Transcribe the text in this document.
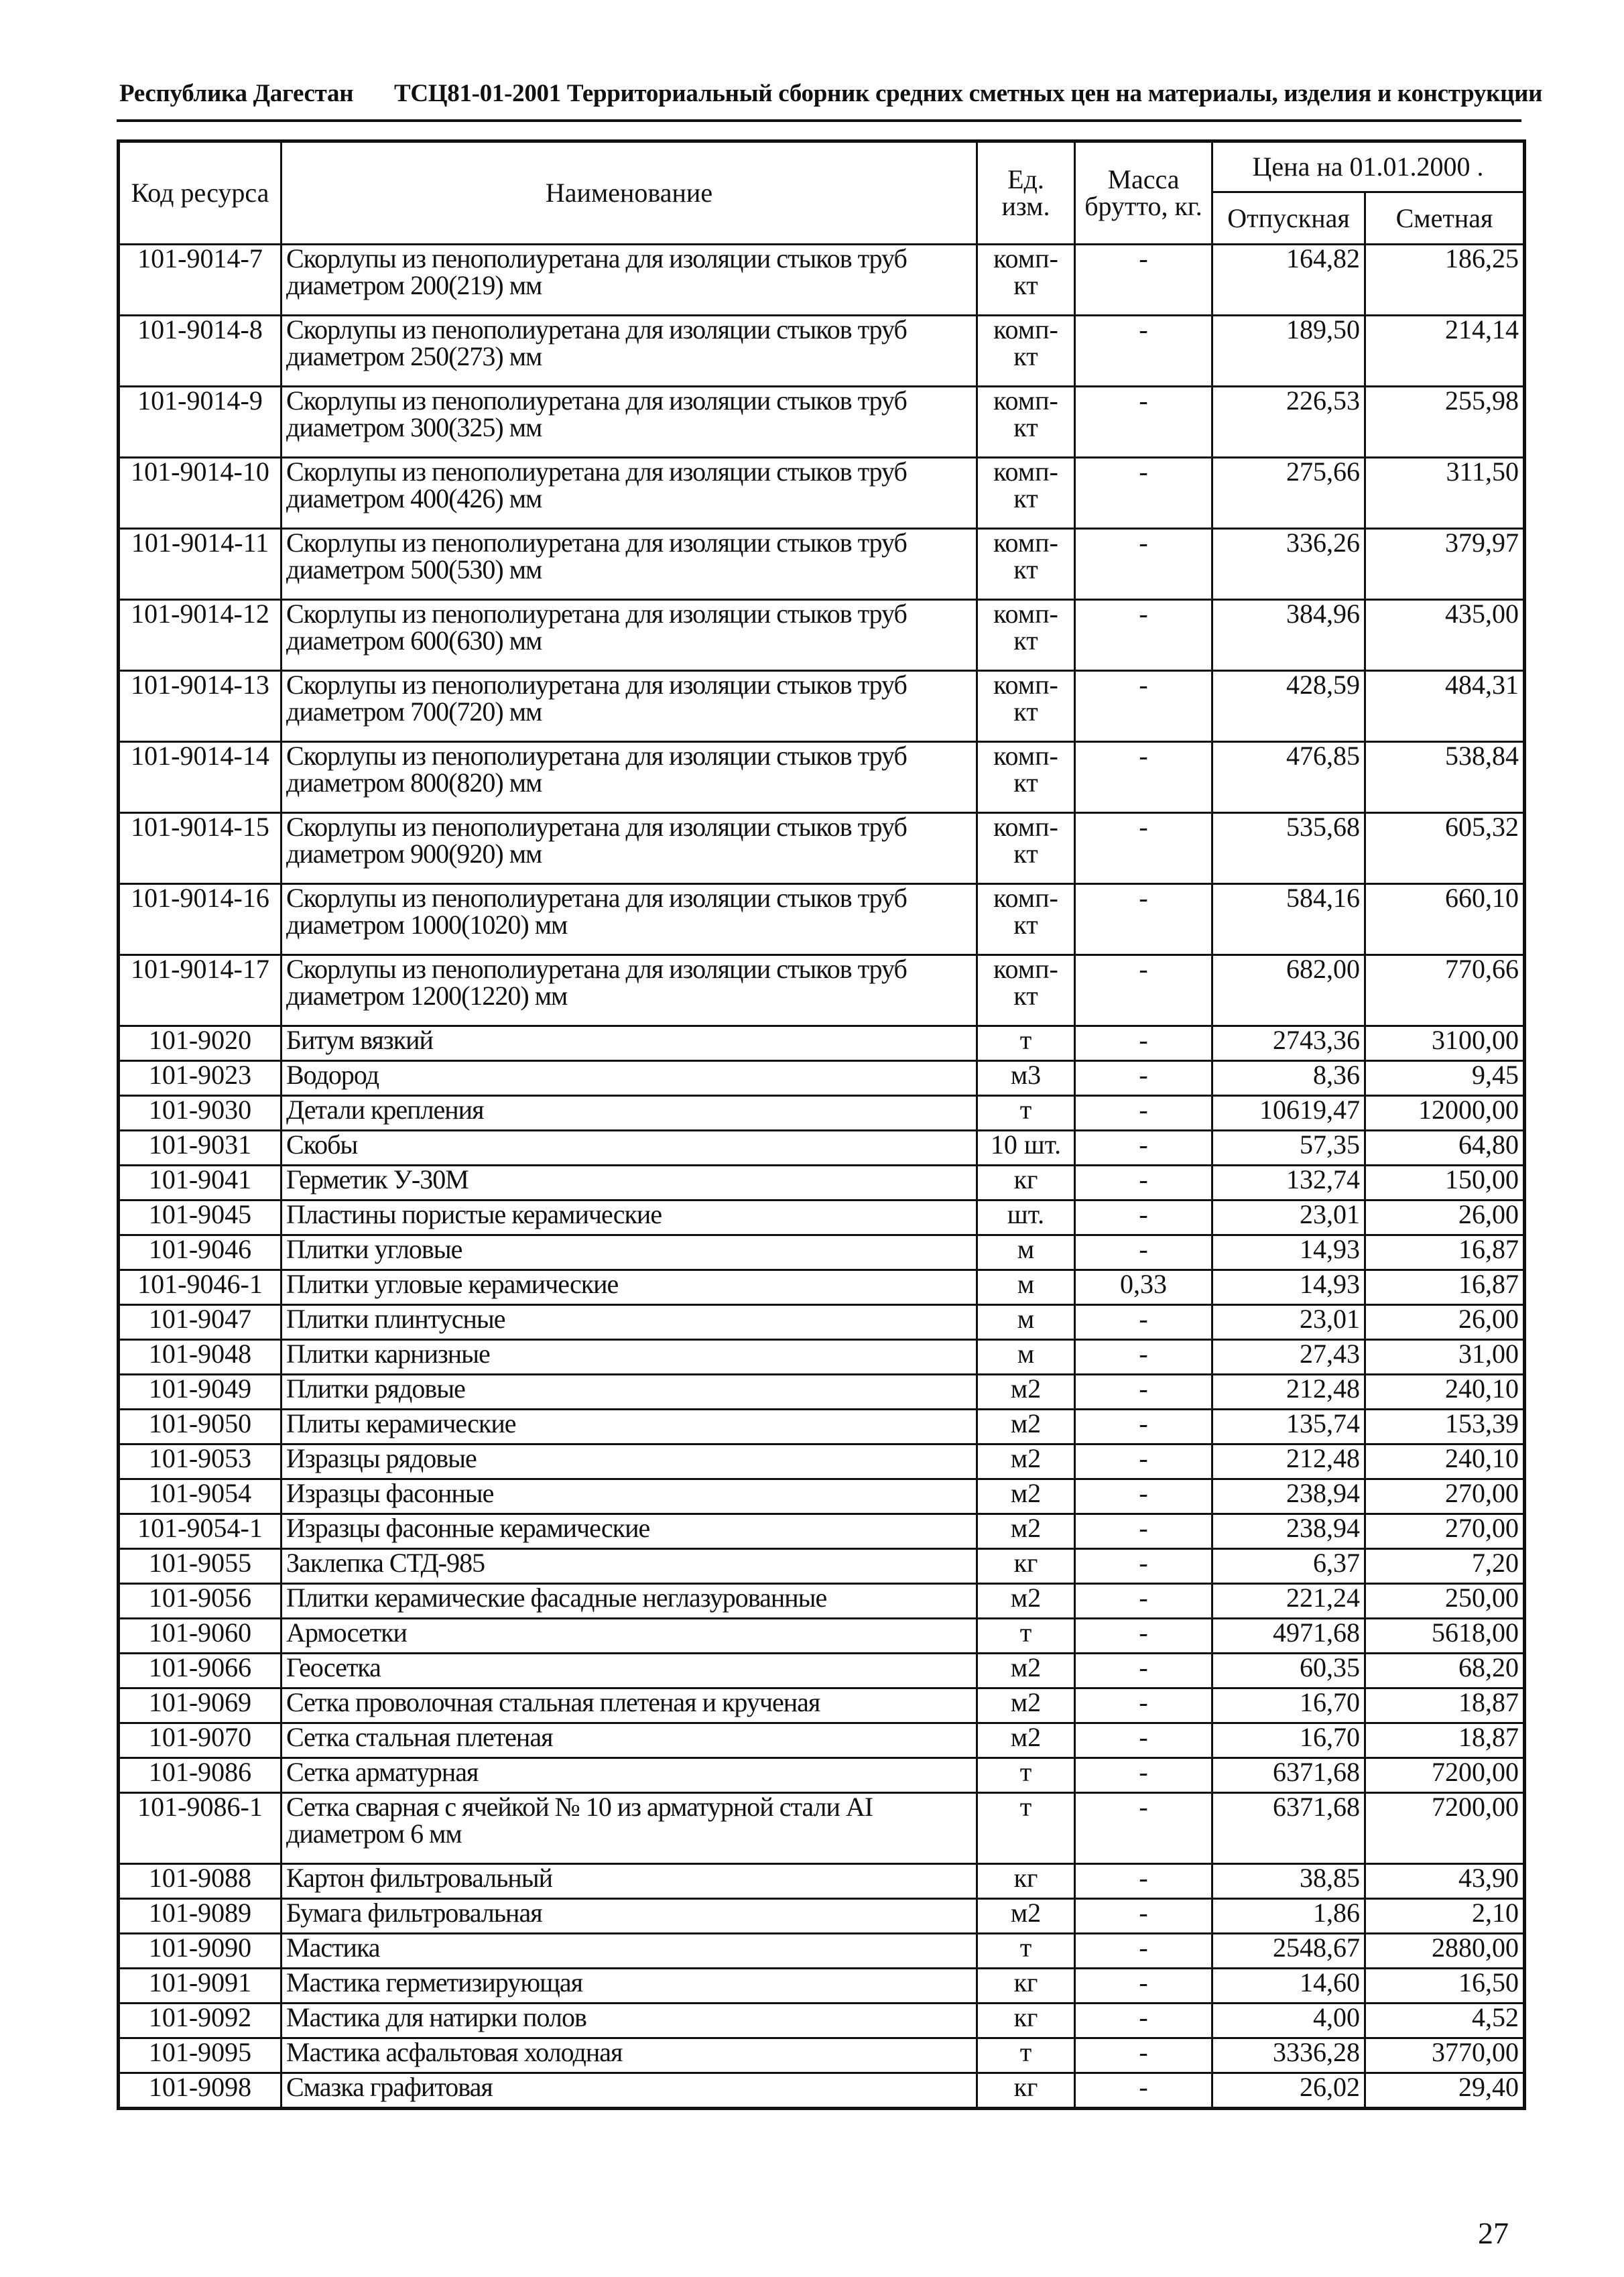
Республика Дагестан ТСЦ81-01-2001 Территориальный сборник средних сметных цен на материалы, изделия и конструкции
Код ресурса	Наименование	Ед. изм.	Масса брутто, кг.	Цена на 01.01.2000 .	
				Отпускная	Сметная
101-9014-7	Скорлупы из пенополиуретана для изоляции стыков труб диаметром 200(219) мм	комп-кт	-	164,82	186,25
101-9014-8	Скорлупы из пенополиуретана для изоляции стыков труб диаметром 250(273) мм	комп-кт	-	189,50	214,14
101-9014-9	Скорлупы из пенополиуретана для изоляции стыков труб диаметром 300(325) мм	комп-кт	-	226,53	255,98
101-9014-10	Скорлупы из пенополиуретана для изоляции стыков труб диаметром 400(426) мм	комп-кт	-	275,66	311,50
101-9014-11	Скорлупы из пенополиуретана для изоляции стыков труб диаметром 500(530) мм	комп-кт	-	336,26	379,97
101-9014-12	Скорлупы из пенополиуретана для изоляции стыков труб диаметром 600(630) мм	комп-кт	-	384,96	435,00
101-9014-13	Скорлупы из пенополиуретана для изоляции стыков труб диаметром 700(720) мм	комп-кт	-	428,59	484,31
101-9014-14	Скорлупы из пенополиуретана для изоляции стыков труб диаметром 800(820) мм	комп-кт	-	476,85	538,84
101-9014-15	Скорлупы из пенополиуретана для изоляции стыков труб диаметром 900(920) мм	комп-кт	-	535,68	605,32
101-9014-16	Скорлупы из пенополиуретана для изоляции стыков труб диаметром 1000(1020) мм	комп-кт	-	584,16	660,10
101-9014-17	Скорлупы из пенополиуретана для изоляции стыков труб диаметром 1200(1220) мм	комп-кт	-	682,00	770,66
101-9020	Битум вязкий	т	-	2743,36	3100,00
101-9023	Водород	м3	-	8,36	9,45
101-9030	Детали крепления	т	-	10619,47	12000,00
101-9031	Скобы	10 шт.	-	57,35	64,80
101-9041	Герметик У-30М	кг	-	132,74	150,00
101-9045	Пластины пористые керамические	шт.	-	23,01	26,00
101-9046	Плитки угловые	м	-	14,93	16,87
101-9046-1	Плитки угловые керамические	м	0,33	14,93	16,87
101-9047	Плитки плинтусные	м	-	23,01	26,00
101-9048	Плитки карнизные	м	-	27,43	31,00
101-9049	Плитки рядовые	м2	-	212,48	240,10
101-9050	Плиты керамические	м2	-	135,74	153,39
101-9053	Изразцы рядовые	м2	-	212,48	240,10
101-9054	Изразцы фасонные	м2	-	238,94	270,00
101-9054-1	Изразцы фасонные керамические	м2	-	238,94	270,00
101-9055	Заклепка СТД-985	кг	-	6,37	7,20
101-9056	Плитки керамические фасадные неглазурованные	м2	-	221,24	250,00
101-9060	Армосетки	т	-	4971,68	5618,00
101-9066	Геосетка	м2	-	60,35	68,20
101-9069	Сетка проволочная стальная плетеная и крученая	м2	-	16,70	18,87
101-9070	Сетка стальная плетеная	м2	-	16,70	18,87
101-9086	Сетка арматурная	т	-	6371,68	7200,00
101-9086-1	Сетка сварная с ячейкой № 10 из арматурной стали AI диаметром 6 мм	т	-	6371,68	7200,00
101-9088	Картон фильтровальный	кг	-	38,85	43,90
101-9089	Бумага фильтровальная	м2	-	1,86	2,10
101-9090	Мастика	т	-	2548,67	2880,00
101-9091	Мастика герметизирующая	кг	-	14,60	16,50
101-9092	Мастика для натирки полов	кг	-	4,00	4,52
101-9095	Мастика асфальтовая холодная	т	-	3336,28	3770,00
101-9098	Смазка графитовая	кг	-	26,02	29,40
27
